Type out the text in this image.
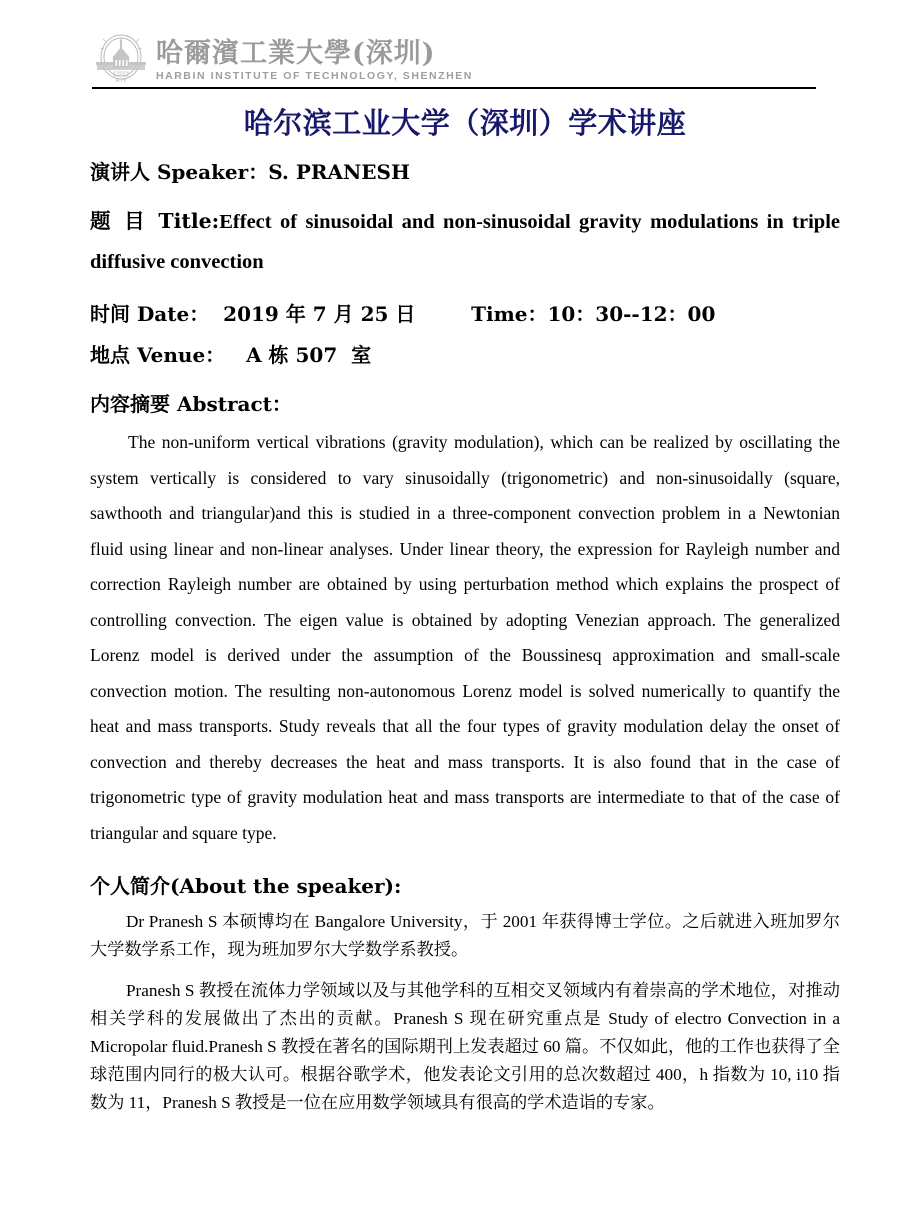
1920
H I T
哈爾濱工業大學(深圳)
HARBIN INSTITUTE OF TECHNOLOGY, SHENZHEN
哈尔滨工业大学（深圳）学术讲座
演讲人 Speaker：S. PRANESH
题 目 Title:Effect of sinusoidal and non-sinusoidal gravity modulations in triple diffusive convection
时间 Date：  2019 年 7 月 25 日        Time：10：30--12：00
地点 Venue：   A 栋 507  室
内容摘要 Abstract：

The non-uniform vertical vibrations (gravity modulation), which can be realized by oscillating the system vertically is considered to vary sinusoidally (trigonometric) and non-sinusoidally (square, sawthooth and triangular)and this is studied in a three-component convection problem in a Newtonian fluid using linear and non-linear analyses. Under linear theory, the expression for Rayleigh number and correction Rayleigh number are obtained by using perturbation method which explains the prospect of controlling convection. The eigen value is obtained by adopting Venezian approach. The generalized Lorenz model is derived under the assumption of the Boussinesq approximation and small-scale convection motion. The resulting non-autonomous Lorenz model is solved numerically to quantify the heat and mass transports. Study reveals that all the four types of gravity modulation delay the onset of convection and thereby decreases the heat and mass transports. It is also found that in the case of trigonometric type of gravity modulation heat and mass transports are intermediate to that of the case of triangular and square type.

个人简介(About the speaker):

Dr Pranesh S 本硕博均在 Bangalore University，于 2001 年获得博士学位。之后就进入班加罗尔大学数学系工作，现为班加罗尔大学数学系教授。

Pranesh S 教授在流体力学领域以及与其他学科的互相交叉领域内有着崇高的学术地位，对推动相关学科的发展做出了杰出的贡献。Pranesh S 现在研究重点是 Study of electro Convection in a Micropolar fluid.Pranesh S 教授在著名的国际期刊上发表超过 60 篇。不仅如此，他的工作也获得了全球范围内同行的极大认可。根据谷歌学术，他发表论文引用的总次数超过 400，h 指数为 10, i10 指数为 11，Pranesh S 教授是一位在应用数学领域具有很高的学术造诣的专家。
